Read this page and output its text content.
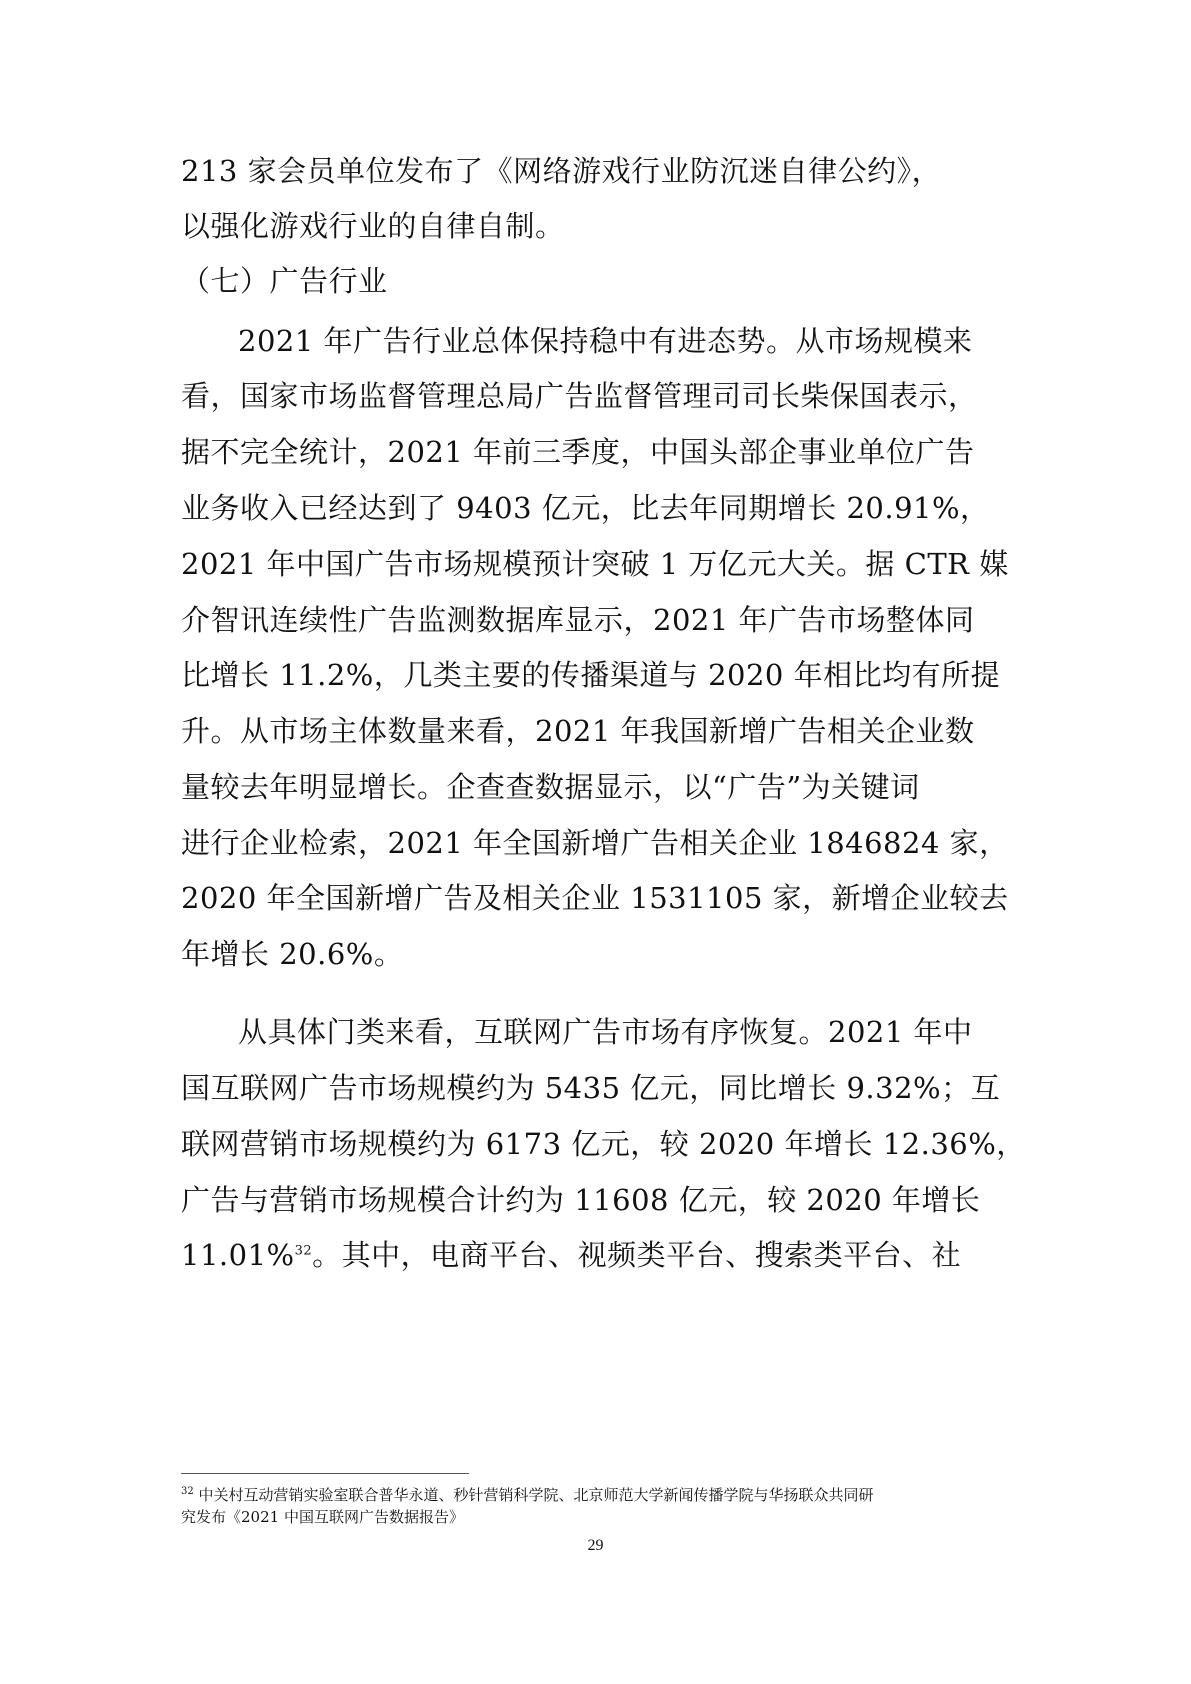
213 家会员单位发布了《网络游戏行业防沉迷自律公约》，
以强化游戏行业的自律自制。
（七）广告行业
2021 年广告行业总体保持稳中有进态势。从市场规模来
看，国家市场监督管理总局广告监督管理司司长柴保国表示，
据不完全统计，2021 年前三季度，中国头部企事业单位广告
业务收入已经达到了 9403 亿元，比去年同期增长 20.91%，
2021 年中国广告市场规模预计突破 1 万亿元大关。据 CTR 媒
介智讯连续性广告监测数据库显示，2021 年广告市场整体同
比增长 11.2%，几类主要的传播渠道与 2020 年相比均有所提
升。从市场主体数量来看，2021 年我国新增广告相关企业数
量较去年明显增长。企查查数据显示，以“广告”为关键词
进行企业检索，2021 年全国新增广告相关企业 1846824 家，
2020 年全国新增广告及相关企业 1531105 家，新增企业较去
年增长 20.6%。
从具体门类来看，互联网广告市场有序恢复。2021 年中
国互联网广告市场规模约为 5435 亿元，同比增长 9.32%；互
联网营销市场规模约为 6173 亿元，较 2020 年增长 12.36%，
广告与营销市场规模合计约为 11608 亿元，较 2020 年增长
11.01%$^{32}$。其中，电商平台、视频类平台、搜索类平台、社
$^{32}$ 中关村互动营销实验室联合普华永道、秒针营销科学院、北京师范大学新闻传播学院与华扬联众共同研
究发布《2021 中国互联网广告数据报告》
29
